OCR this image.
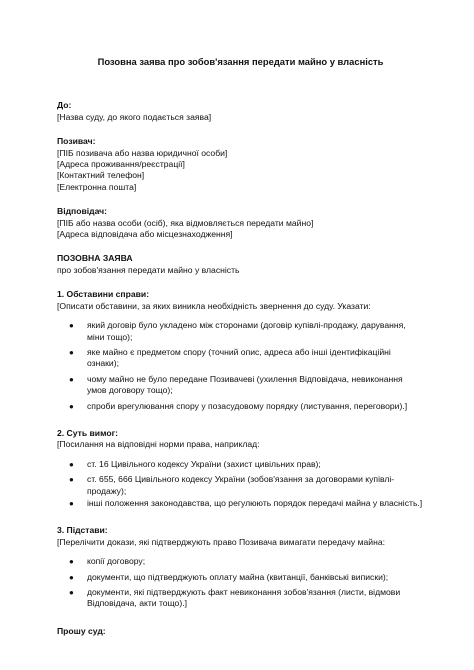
Позовна заява про зобов'язання передати майно у власність

До:

[Назва суду, до якого подається заява]

Позивач:

[ПІБ позивача або назва юридичної особи]

[Адреса проживання/реєстрації]

[Контактний телефон]

[Електронна пошта]

Відповідач:

[ПІБ або назва особи (осіб), яка відмовляється передати майно]

[Адреса відповідача або місцезнаходження]

ПОЗОВНА ЗАЯВА

про зобов'язання передати майно у власність

1. Обставини справи:

[Описати обставини, за яких виникла необхідність звернення до суду. Указати:

● який договір було укладено між сторонами (договір купівлі-продажу, дарування, міни тощо);
● яке майно є предметом спору (точний опис, адреса або інші ідентифікаційні ознаки);
● чому майно не було передане Позивачеві (ухилення Відповідача, невиконання умов договору тощо);
● спроби врегулювання спору у позасудовому порядку (листування, переговори).]

2. Суть вимог:

[Посилання на відповідні норми права, наприклад:

● ст. 16 Цивільного кодексу України (захист цивільних прав);
● ст. 655, 666 Цивільного кодексу України (зобов'язання за договорами купівлі-продажу);
● інші положення законодавства, що регулюють порядок передачі майна у власність.]

3. Підстави:

[Перелічити докази, які підтверджують право Позивача вимагати передачу майна:

● копії договору;
● документи, що підтверджують оплату майна (квитанції, банківські виписки);
● документи, які підтверджують факт невиконання зобов'язання (листи, відмови Відповідача, акти тощо).]

Прошу суд:
